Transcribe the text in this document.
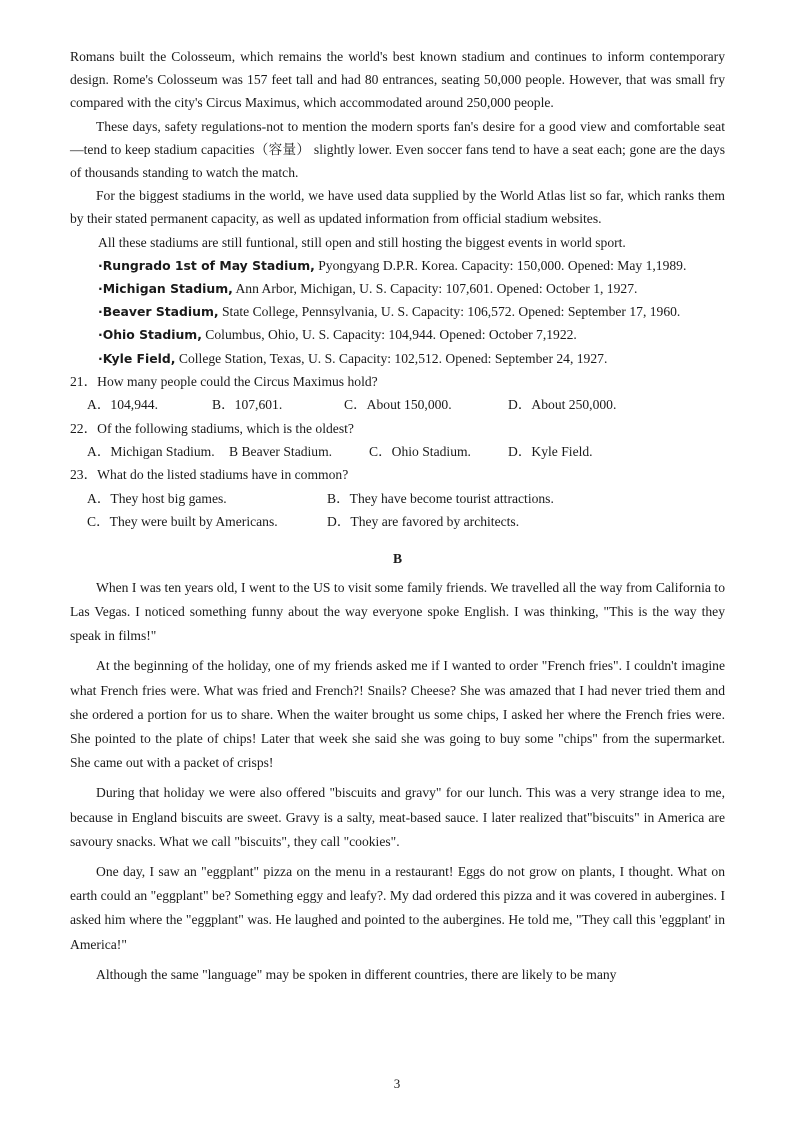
Romans built the Colosseum, which remains the world's best known stadium and continues to inform contemporary design. Rome's Colosseum was 157 feet tall and had 80 entrances, seating 50,000 people. However, that was small fry compared with the city's Circus Maximus, which accommodated around 250,000 people.

These days, safety regulations-not to mention the modern sports fan's desire for a good view and comfortable seat—tend to keep stadium capacities（容量） slightly lower. Even soccer fans tend to have a seat each; gone are the days of thousands standing to watch the match.

For the biggest stadiums in the world, we have used data supplied by the World Atlas list so far, which ranks them by their stated permanent capacity, as well as updated information from official stadium websites.

All these stadiums are still funtional, still open and still hosting the biggest events in world sport.

·Rungrado 1st of May Stadium, Pyongyang D.P.R. Korea. Capacity: 150,000. Opened: May 1,1989.

·Michigan Stadium, Ann Arbor, Michigan, U. S. Capacity: 107,601. Opened: October 1, 1927.

·Beaver Stadium, State College, Pennsylvania, U. S. Capacity: 106,572. Opened: September 17, 1960.

·Ohio Stadium, Columbus, Ohio, U. S. Capacity: 104,944. Opened: October 7,1922.

·Kyle Field, College Station, Texas, U. S. Capacity: 102,512. Opened: September 24, 1927.

21．How many people could the Circus Maximus hold?

A．104,944.	B．107,601.	C．About 150,000.	D．About 250,000.

22．Of the following stadiums, which is the oldest?

A．Michigan Stadium.	B Beaver Stadium.	C．Ohio Stadium.	D．Kyle Field.

23．What do the listed stadiums have in common?

A．They host big games.	B．They have become tourist attractions.
C．They were built by Americans.	D．They are favored by architects.

B

When I was ten years old, I went to the US to visit some family friends. We travelled all the way from California to Las Vegas. I noticed something funny about the way everyone spoke English. I was thinking, "This is the way they speak in films!"

At the beginning of the holiday, one of my friends asked me if I wanted to order "French fries". I couldn't imagine what French fries were. What was fried and French?! Snails? Cheese? She was amazed that I had never tried them and she ordered a portion for us to share. When the waiter brought us some chips, I asked her where the French fries were. She pointed to the plate of chips! Later that week she said she was going to buy some "chips" from the supermarket. She came out with a packet of crisps!

During that holiday we were also offered "biscuits and gravy" for our lunch. This was a very strange idea to me, because in England biscuits are sweet. Gravy is a salty, meat-based sauce. I later realized that"biscuits" in America are savoury snacks. What we call "biscuits", they call "cookies".

One day, I saw an "eggplant" pizza on the menu in a restaurant! Eggs do not grow on plants, I thought. What on earth could an "eggplant" be? Something eggy and leafy?. My dad ordered this pizza and it was covered in aubergines. I asked him where the "eggplant" was. He laughed and pointed to the aubergines. He told me, "They call this 'eggplant' in America!"

Although the same "language" may be spoken in different countries, there are likely to be many

3
